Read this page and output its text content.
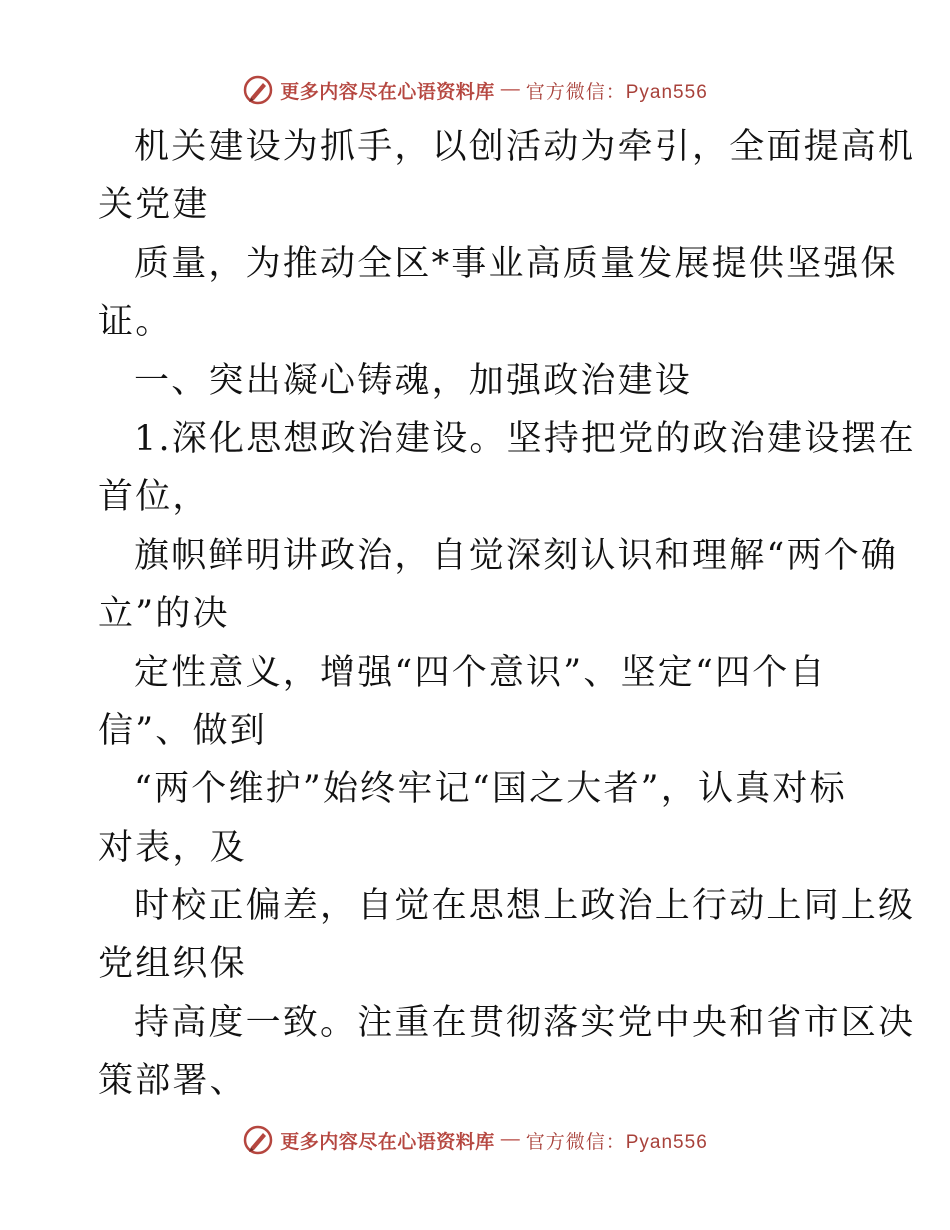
更多内容尽在心语资料库 — 官方微信：Pyan556
机关建设为抓手，以创活动为牵引，全面提高机
关党建
质量，为推动全区*事业高质量发展提供坚强保
证。
一、突出凝心铸魂，加强政治建设
1.深化思想政治建设。坚持把党的政治建设摆在
首位，
旗帜鲜明讲政治，自觉深刻认识和理解“两个确
立”的决
定性意义，增强“四个意识”、坚定“四个自
信”、做到
“两个维护”始终牢记“国之大者”，认真对标
对表，及
时校正偏差，自觉在思想上政治上行动上同上级
党组织保
持高度一致。注重在贯彻落实党中央和省市区决
策部署、
更多内容尽在心语资料库 — 官方微信：Pyan556
